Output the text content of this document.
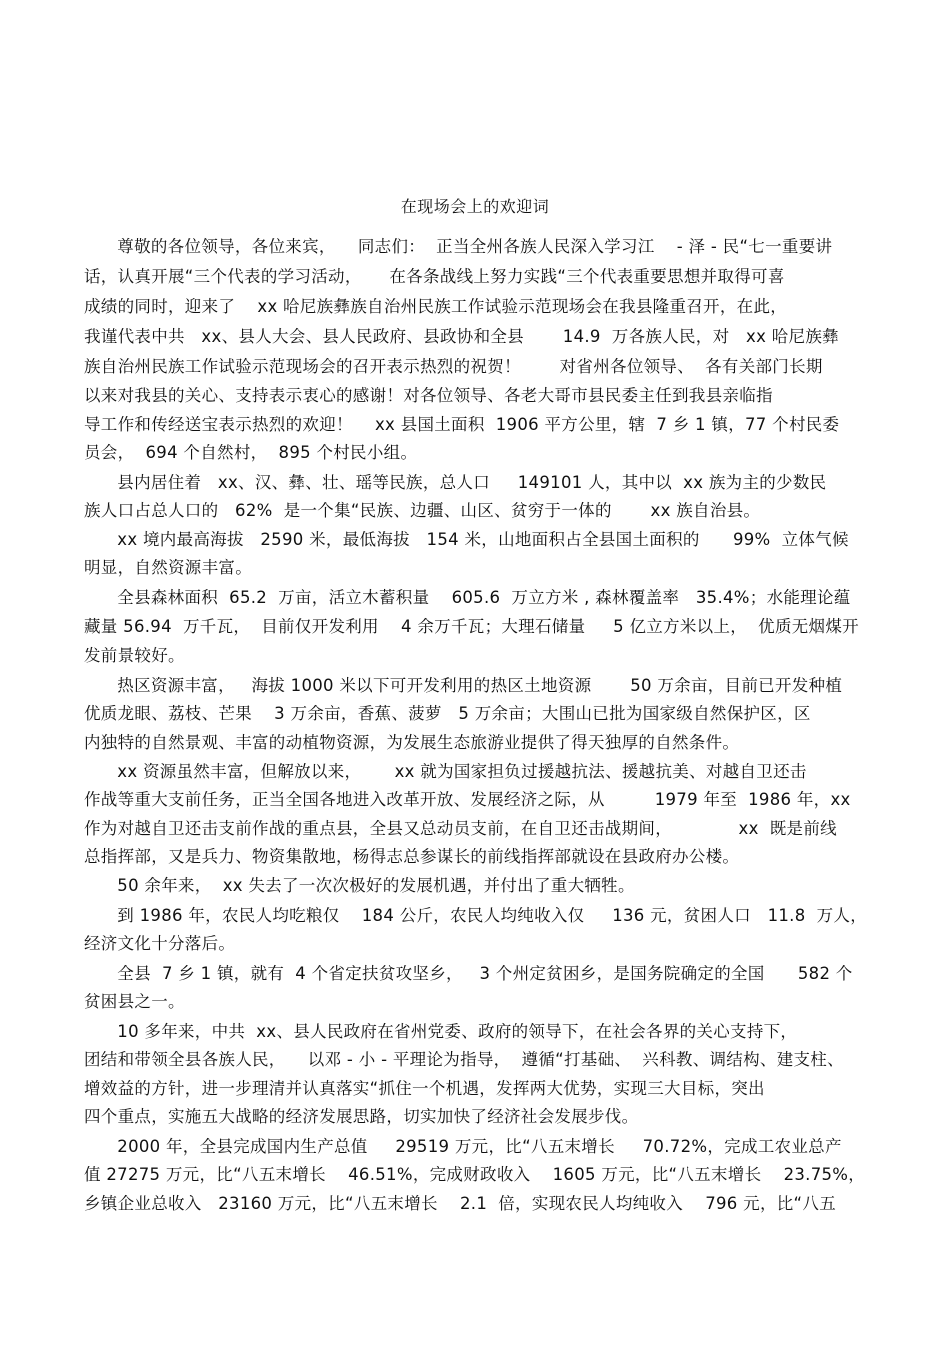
在现场会上的欢迎词
尊敬的各位领导，各位来宾，    同志们：  正当全州各族人民深入学习江    - 泽 - 民“七一重要讲
话，认真开展“三个代表的学习活动，     在各条战线上努力实践“三个代表重要思想并取得可喜
成绩的同时，迎来了    xx 哈尼族彝族自治州民族工作试验示范现场会在我县隆重召开，在此，
我谨代表中共   xx、县人大会、县人民政府、县政协和全县       14.9  万各族人民，对   xx 哈尼族彝
族自治州民族工作试验示范现场会的召开表示热烈的祝贺！       对省州各位领导、  各有关部门长期
以来对我县的关心、支持表示衷心的感谢！对各位领导、各老大哥市县民委主任到我县亲临指
导工作和传经送宝表示热烈的欢迎！    xx 县国土面积  1906 平方公里，辖  7 乡 1 镇，77 个村民委
员会，  694 个自然村，  895 个村民小组。
县内居住着   xx、汉、彝、壮、瑶等民族，总人口     149101 人，其中以  xx 族为主的少数民
族人口占总人口的   62%  是一个集“民族、边疆、山区、贫穷于一体的       xx 族自治县。
xx 境内最高海拔   2590 米，最低海拔   154 米，山地面积占全县国土面积的      99%  立体气候
明显，自然资源丰富。
全县森林面积  65.2  万亩，活立木蓄积量    605.6  万立方米 , 森林覆盖率   35.4%；水能理论蕴
藏量 56.94  万千瓦，  目前仅开发利用    4 余万千瓦；大理石储量     5 亿立方米以上，  优质无烟煤开
发前景较好。
热区资源丰富，   海拔 1000 米以下可开发利用的热区土地资源       50 万余亩，目前已开发种植
优质龙眼、荔枝、芒果    3 万余亩，香蕉、菠萝   5 万余亩；大围山已批为国家级自然保护区，区
内独特的自然景观、丰富的动植物资源，为发展生态旅游业提供了得天独厚的自然条件。
xx 资源虽然丰富，但解放以来，      xx 就为国家担负过援越抗法、援越抗美、对越自卫还击
作战等重大支前任务，正当全国各地进入改革开放、发展经济之际，从         1979 年至  1986 年，xx
作为对越自卫还击支前作战的重点县，全县又总动员支前，在自卫还击战期间，            xx  既是前线
总指挥部，又是兵力、物资集散地，杨得志总参谋长的前线指挥部就设在县政府办公楼。
50 余年来，  xx 失去了一次次极好的发展机遇，并付出了重大牺牲。
到 1986 年，农民人均吃粮仅    184 公斤，农民人均纯收入仅     136 元，贫困人口   11.8  万人，
经济文化十分落后。
全县  7 乡 1 镇，就有  4 个省定扶贫攻坚乡，   3 个州定贫困乡，是国务院确定的全国      582 个
贫困县之一。
10 多年来，中共  xx、县人民政府在省州党委、政府的领导下，在社会各界的关心支持下，
团结和带领全县各族人民，    以邓 - 小 - 平理论为指导，  遵循“打基础、  兴科教、调结构、建支柱、
增效益的方针，进一步理清并认真落实“抓住一个机遇，发挥两大优势，实现三大目标，突出
四个重点，实施五大战略的经济发展思路，切实加快了经济社会发展步伐。
2000 年，全县完成国内生产总值     29519 万元，比“八五末增长     70.72%，完成工农业总产
值 27275 万元，比“八五末增长    46.51%，完成财政收入    1605 万元，比“八五末增长    23.75%，
乡镇企业总收入   23160 万元，比“八五末增长    2.1  倍，实现农民人均纯收入    796 元，比“八五
